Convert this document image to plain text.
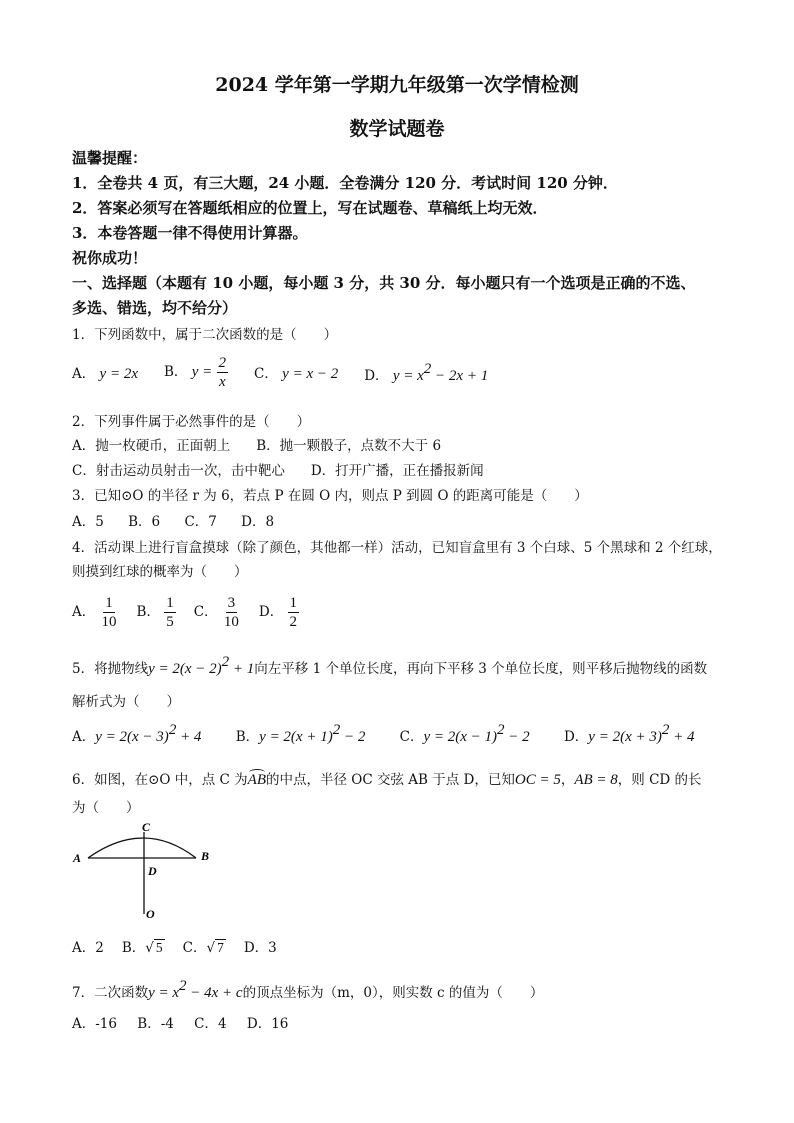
2024 学年第一学期九年级第一次学情检测
数学试题卷
温馨提醒：
1．全卷共 4 页，有三大题，24 小题．全卷满分 120 分．考试时间 120 分钟．
2．答案必须写在答题纸相应的位置上，写在试题卷、草稿纸上均无效．
3．本卷答题一律不得使用计算器。
祝你成功！
一、选择题（本题有 10 小题，每小题 3 分，共 30 分．每小题只有一个选项是正确的不选、
多选、错选，均不给分）
1．下列函数中，属于二次函数的是（　　）
A． y = 2x B． $y = \frac{2}{x}$ C． y = x − 2 D． $y = x^2 - 2x + 1$
2．下列事件属于必然事件的是（　　）
A．抛一枚硬币，正面朝上 B．抛一颗骰子，点数不大于 6
C．射击运动员射击一次，击中靶心 D．打开广播，正在播报新闻
3．已知⊙O 的半径 r 为 6，若点 P 在圆 O 内，则点 P 到圆 O 的距离可能是（　　）
A．5 B．6 C．7 D．8
4．活动课上进行盲盒摸球（除了颜色，其他都一样）活动，已知盲盒里有 3 个白球、5 个黑球和 2 个红球，
则摸到红球的概率为（　　）
A． $\frac{1}{10}$ B． $\frac{1}{5}$ C． $\frac{3}{10}$ D． $\frac{1}{2}$
5．将抛物线$y = 2(x - 2)^2 + 1$向左平移 1 个单位长度，再向下平移 3 个单位长度，则平移后抛物线的函数
解析式为（　　）
A．$y = 2(x - 3)^2 + 4$	B．$y = 2(x + 1)^2 - 2$	C．$y = 2(x - 1)^2 - 2$	D．$y = 2(x + 3)^2 + 4$
6．如图，在⊙O 中，点 C 为AB的中点，半径 OC 交弦 AB 于点 D，已知OC = 5，AB = 8，则 CD 的长
为（　　）
C
A	B
D
O
A．2 B． √ 5 C． √ 7 D．3
7．二次函数$y = x^2 - 4x + c$的顶点坐标为（m，0），则实数 c 的值为（　　）
A．-16 B．-4 C．4 D．16
